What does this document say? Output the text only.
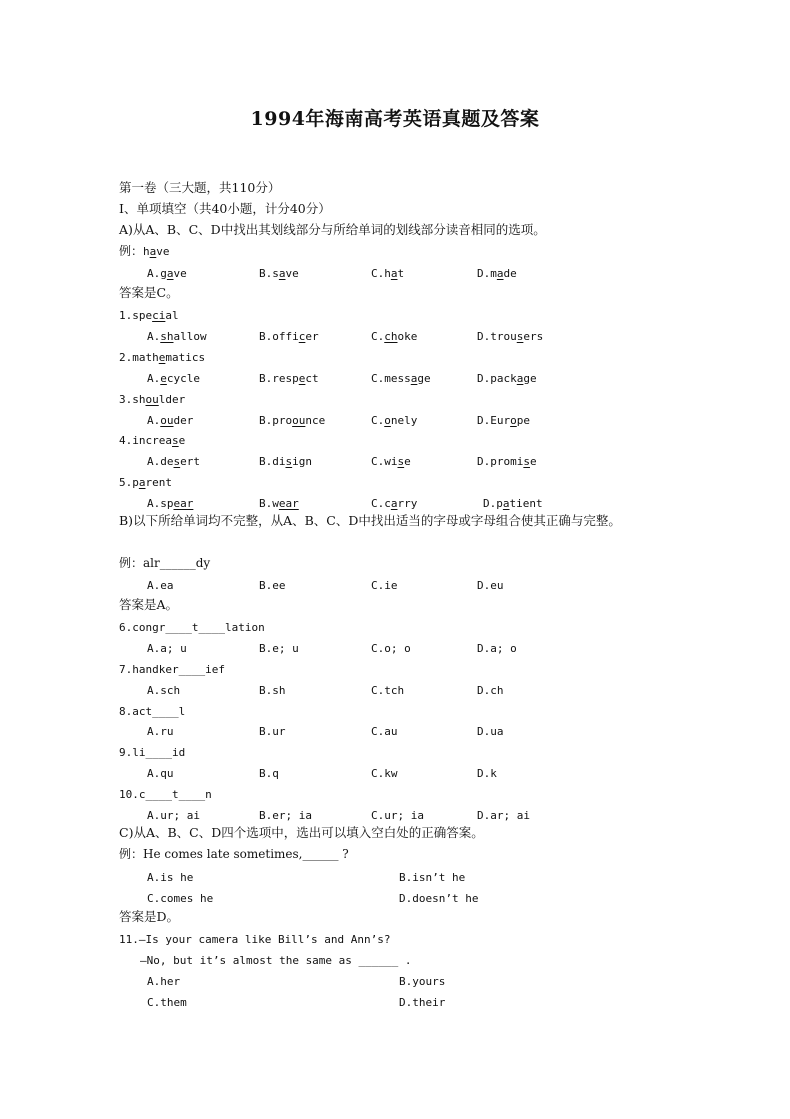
1994年海南高考英语真题及答案
第一卷（三大题，共110分）
I、单项填空（共40小题，计分40分）
A)从A、B、C、D中找出其划线部分与所给单词的划线部分读音相同的选项。
例：have
A.gave	B.save	C.hat	D.made
答案是C。
1.special
A.shallow	B.officer	C.choke	D.trousers
2.mathematics
A.ecycle	B.respect	C.message	D.package
3.shoulder
A.ouder	B.proounce	C.onely	D.Europe
4.increase
A.desert	B.disign	C.wise	D.promise
5.parent
A.spear	B.wear	C.carry	D.patient
B)以下所给单词均不完整，从A、B、C、D中找出适当的字母或字母组合使其正确与完整。
例：alr______dy
A.ea	B.ee	C.ie	D.eu
答案是A。
6.congr____t____lation
A.a; u	B.e; u	C.o; o	D.a; o
7.handker____ief
A.sch	B.sh	C.tch	D.ch
8.act____l
A.ru	B.ur	C.au	D.ua
9.li____id
A.qu	B.q	C.kw	D.k
10.c____t____n
A.ur; ai	B.er; ia	C.ur; ia	D.ar; ai
C)从A、B、C、D四个选项中，选出可以填入空白处的正确答案。
例：He comes late sometimes,______ ?
A.is he	B.isn’t he
C.comes he	D.doesn’t he
答案是D。
11.—Is your camera like Bill’s and Ann’s?
—No, but it’s almost the same as ______ .
A.her	B.yours
C.them	D.their
